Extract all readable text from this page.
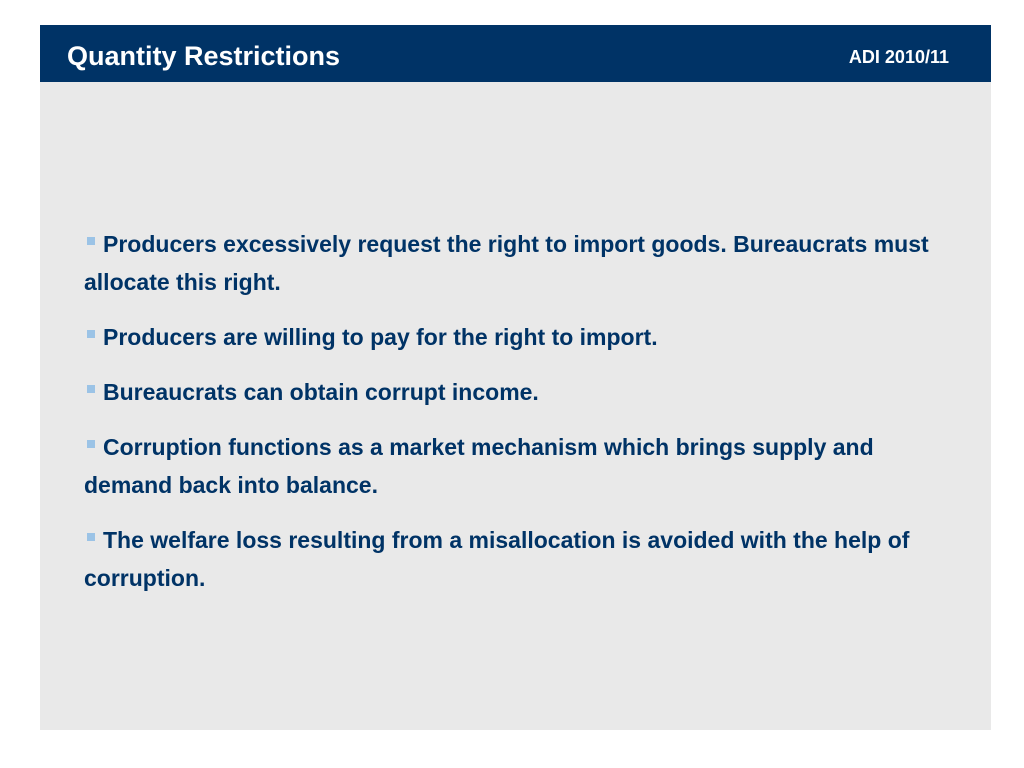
Quantity Restrictions	ADI 2010/11
Producers excessively request the right to import goods. Bureaucrats must allocate this right.
Producers are willing to pay for the right to import.
Bureaucrats can obtain corrupt income.
Corruption functions as a market mechanism which brings supply and demand back into balance.
The welfare loss resulting from a misallocation is avoided with the help of corruption.
